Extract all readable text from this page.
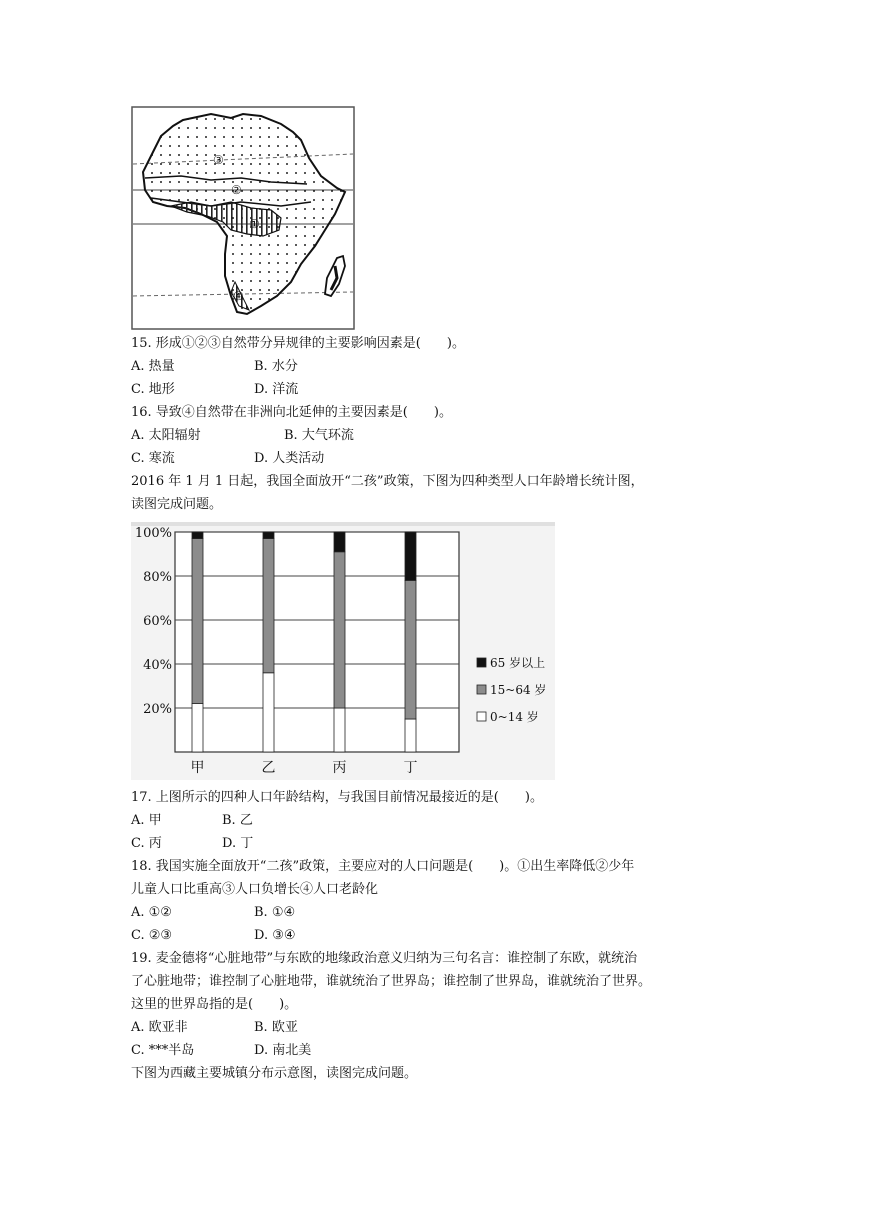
③
②
①
④
15. 形成①②③自然带分异规律的主要影响因素是(　　)。
A. 热量	B. 水分
C. 地形	D. 洋流
16. 导致④自然带在非洲向北延伸的主要因素是(　　)。
A. 太阳辐射	B. 大气环流
C. 寒流	D. 人类活动
2016 年 1 月 1 日起，我国全面放开“二孩”政策，下图为四种类型人口年龄增长统计图，
读图完成问题。
20%
40%
60%
80%
100%
甲	乙	丙	丁
65 岁以上
15~64 岁
0~14 岁
17. 上图所示的四种人口年龄结构，与我国目前情况最接近的是(　　)。
A. 甲	B. 乙
C. 丙	D. 丁
18. 我国实施全面放开“二孩”政策，主要应对的人口问题是(　　)。①出生率降低②少年
儿童人口比重高③人口负增长④人口老龄化
A. ①②	B. ①④
C. ②③	D. ③④
19. 麦金德将“心脏地带”与东欧的地缘政治意义归纳为三句名言：谁控制了东欧，就统治
了心脏地带；谁控制了心脏地带，谁就统治了世界岛；谁控制了世界岛，谁就统治了世界。
这里的世界岛指的是(　　)。
A. 欧亚非	B. 欧亚
C. ***半岛	D. 南北美
下图为西藏主要城镇分布示意图，读图完成问题。
